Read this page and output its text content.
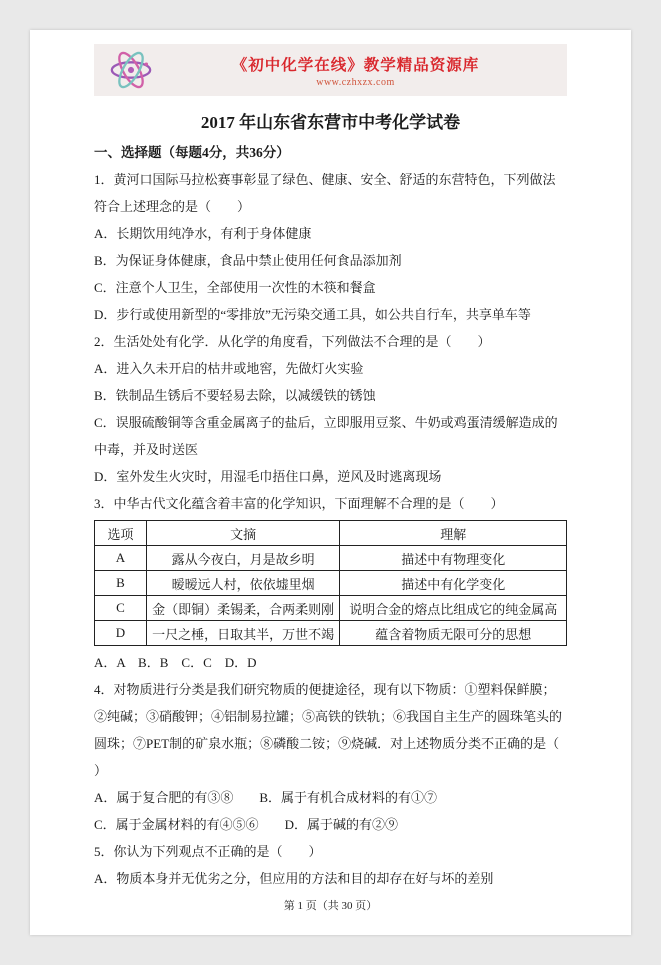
《初中化学在线》教学精品资源库
www.czhxzx.com
2017 年山东省东营市中考化学试卷

一、选择题（每题4分，共36分）

1．黄河口国际马拉松赛事彰显了绿色、健康、安全、舒适的东营特色，下列做法符合上述理念的是（　　）

A．长期饮用纯净水，有利于身体健康

B．为保证身体健康，食品中禁止使用任何食品添加剂

C．注意个人卫生，全部使用一次性的木筷和餐盒

D．步行或使用新型的“零排放”无污染交通工具，如公共自行车，共享单车等

2．生活处处有化学．从化学的角度看，下列做法不合理的是（　　）

A．进入久未开启的枯井或地窖，先做灯火实验

B．铁制品生锈后不要轻易去除，以减缓铁的锈蚀

C．误服硫酸铜等含重金属离子的盐后，立即服用豆浆、牛奶或鸡蛋清缓解造成的中毒，并及时送医

D．室外发生火灾时，用湿毛巾捂住口鼻，逆风及时逃离现场

3．中华古代文化蕴含着丰富的化学知识，下面理解不合理的是（　　）

选项	文摘	理解
A	露从今夜白，月是故乡明	描述中有物理变化
B	暧暧远人村，依依墟里烟	描述中有化学变化
C	金（即铜）柔锡柔，合两柔则刚	说明合金的熔点比组成它的纯金属高
D	一尺之棰，日取其半，万世不竭	蕴含着物质无限可分的思想

A．A　B．B　C．C　D．D

4．对物质进行分类是我们研究物质的便捷途径，现有以下物质：①塑料保鲜膜；②纯碱；③硝酸钾；④铝制易拉罐；⑤高铁的铁轨；⑥我国自主生产的圆珠笔头的圆珠；⑦PET制的矿泉水瓶；⑧磷酸二铵；⑨烧碱．对上述物质分类不正确的是（　　）

A．属于复合肥的有③⑧　　B．属于有机合成材料的有①⑦

C．属于金属材料的有④⑤⑥　　D．属于碱的有②⑨

5．你认为下列观点不正确的是（　　）

A．物质本身并无优劣之分，但应用的方法和目的却存在好与坏的差别

第 1 页（共 30 页）
